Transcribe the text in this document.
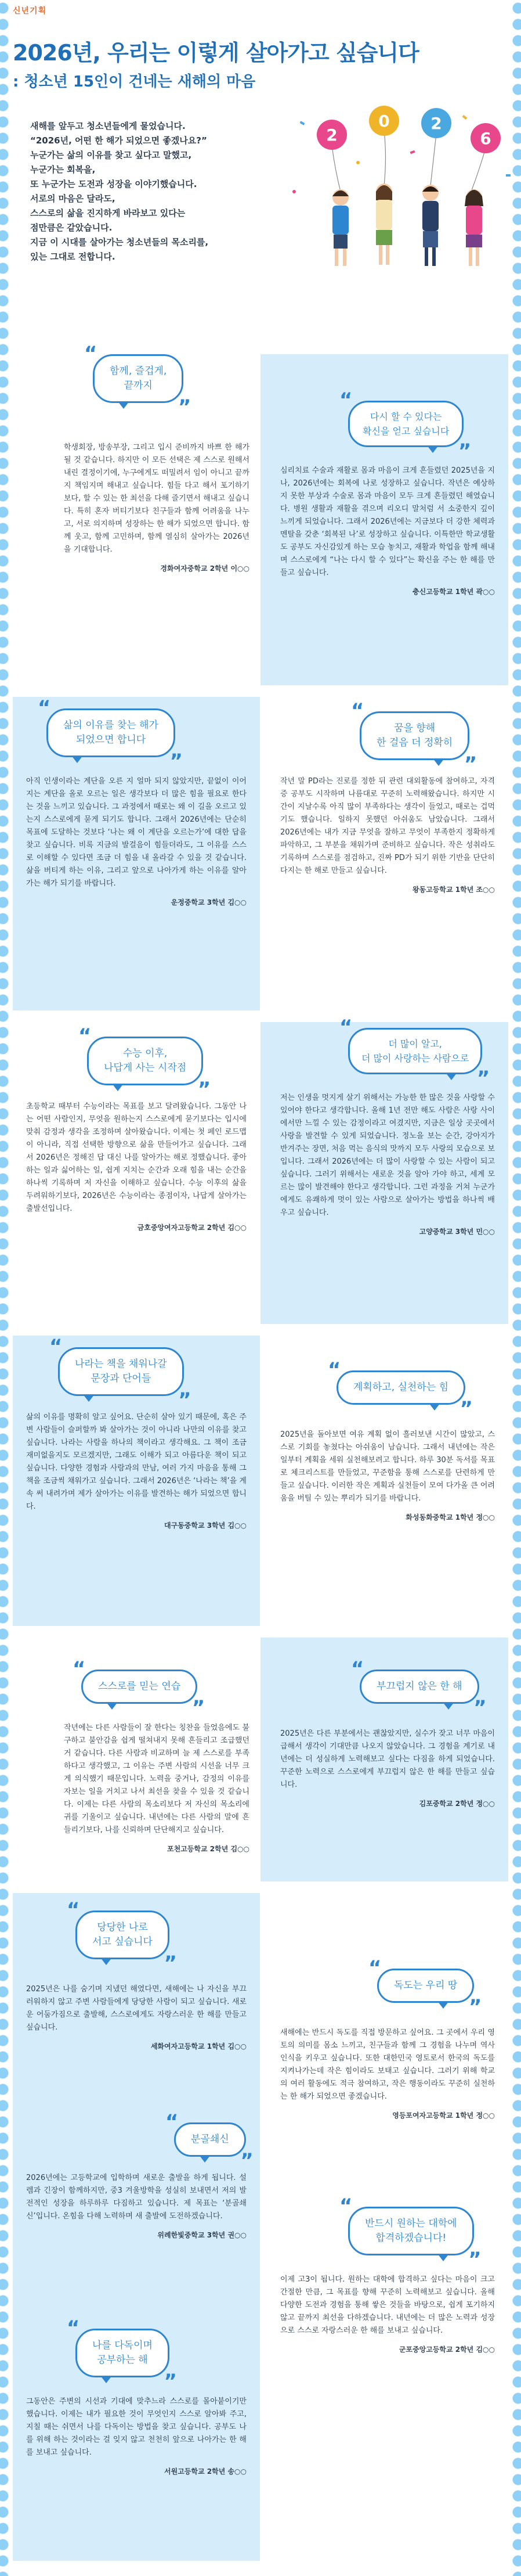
신년기획
2026년, 우리는 이렇게 살아가고 싶습니다
: 청소년 15인이 건네는 새해의 마음

새해를 앞두고 청소년들에게 물었습니다.

“2026년, 어떤 한 해가 되었으면 좋겠나요?”

누군가는 삶의 이유를 찾고 싶다고 말했고,

누군가는 회복을,

또 누군가는 도전과 성장을 이야기했습니다.

서로의 마음은 달라도,

스스로의 삶을 진지하게 바라보고 있다는

점만큼은 같았습니다.

지금 이 시대를 살아가는 청소년들의 목소리를,

있는 그대로 전합니다.

2
0	2
6
“
함께, 즐겁게,
끝까지
”

학생회장, 방송부장, 그리고 입시 준비까지 바쁘 한 해가 될 것 같습니다. 하지만 이 모든 선택은 제 스스로 원해서 내린 결정이기에, 누구에게도 떠밀려서 임이 아니고 끝까지 책임지며 해내고 싶습니다. 힘들 다고 해서 포기하기보다, 할 수 있는 한 최선을 다해 즐기면서 해내고 싶습니다. 특히 혼자 버티기보다 친구들과 함께 어려움을 나누고, 서로 의지하며 성장하는 한 해가 되었으면 합니다. 함께 웃고, 함께 고민하며, 함께 열심히 살아가는 2026년을 기대합니다.

경화여자중학교 2학년 이○○
“
다시 할 수 있다는
확신을 얻고 싶습니다
”

심리치료 수술과 재활로 몸과 마음이 크게 흔들렸던 2025년을 지나, 2026년에는 회복에 나로 성장하고 싶습니다. 작년은 예상하지 못한 부상과 수술로 몸과 마음이 모두 크게 흔들렸던 해였습니다. 병원 생활과 재활을 겪으며 리오디 말처럼 서 소중한지 깊이 느끼게 되었습니다. 그래서 2026년에는 지금보다 더 강한 체력과 멘탈을 갖춘 ‘회복된 나’로 성장하고 싶습니다. 이특한만 학교생활도 공부도 자신감있게 하는 모습 놓치고, 재활과 학업을 함께 해내며 스스로에게 “나는 다시 할 수 있다”는 확신을 주는 한 해를 만들고 싶습니다.

충신고등학교 1학년 곽○○
“
삶의 이유를 찾는 해가
되었으면 합니다
”

아직 인생이라는 계단을 오른 지 얼마 되지 않았지만, 끝없이 이어지는 계단을 올로 오르는 일은 생각보다 더 많은 힘을 필요로 한다는 것을 느끼고 있습니다. 그 과정에서 때로는 왜 이 길을 오르고 있는지 스스로에게 묻게 되기도 합니다. 그래서 2026년에는 단순히 목표에 도달하는 것보다 ‘나는 왜 이 계단을 오르는가’에 대한 답을 찾고 싶습니다. 비록 지금의 발걸음이 힘들더라도, 그 이유를 스스로 이해할 수 있다면 조금 더 힘을 내 올라갈 수 있을 것 같습니다. 삶을 버티게 하는 이유, 그리고 앞으로 나아가게 하는 이유를 알아가는 해가 되기를 바랍니다.

운정중학교 3학년 김○○
“
꿈을 향해
한 걸음 더 정확히
”

작년 말 PD라는 진로를 정한 뒤 관련 대외활동에 참여하고, 자격증 공부도 시작하며 나름대로 꾸준히 노력해왔습니다. 하지만 시간이 지날수록 아직 많이 부족하다는 생각이 들었고, 때로는 겁먹기도 했습니다. 일하지 못했던 아쉬움도 남았습니다. 그래서 2026년에는 내가 지금 무엇을 잘하고 무엇이 부족한지 정확하게 파악하고, 그 부분을 채워가며 준비하고 싶습니다. 작은 성취라도 기록하며 스스로를 점검하고, 진짜 PD가 되기 위한 기반을 단단히 다지는 한 해로 만들고 싶습니다.

왕동고등학교 1학년 조○○
“
수능 이후,
나답게 사는 시작점
”

초등학교 때부터 수능이라는 목표를 보고 달려왔습니다. 그동안 나는 어떤 사람인지, 무엇을 원하는지 스스로에게 묻기보다는 입시에 맞춰 감정과 생각을 조정하며 살아왔습니다. 이제는 첫 페인 로드맵이 아니라, 직접 선택한 방향으로 삶을 만들어가고 싶습니다. 그래서 2026년은 정해진 답 대신 나를 알아가는 해로 정했습니다. 좋아하는 일과 싫어하는 일, 쉽게 지치는 순간과 오래 힘을 내는 순간을 하나씩 기록하며 저 자신을 이해하고 싶습니다. 수능 이후의 삶을 두려워하기보다, 2026년은 수능이라는 종점이자, 나답게 살아가는 출발선입니다.

금호중앙여자고등학교 2학년 김○○
“
더 많이 알고,
더 많이 사랑하는 사람으로
”

저는 인생을 멋지게 살기 위해서는 가능한 한 많은 것을 사랑할 수 있어야 한다고 생각합니다. 올해 1년 전만 해도 사람은 사랑 사이에서만 느낄 수 있는 감정이라고 여겼지만, 지금은 일상 곳곳에서 사랑을 발견할 수 있게 되었습니다. 정노을 보는 순간, 강아지가 반겨주는 장면, 처음 먹는 음식의 맛까지 모두 사랑의 모습으로 보입니다. 그래서 2026년에는 더 많이 사랑할 수 있는 사람이 되고 싶습니다. 그러기 위해서는 새로운 것을 알아 가야 하고, 세계 모르는 많이 발견해야 한다고 생각합니다. 그런 과정을 거쳐 누군가에게도 유쾌하게 멋이 있는 사람으로 살아가는 방법을 하나씩 배우고 싶습니다.

고양중학교 3학년 민○○
“
나라는 책을 채워나갈
문장과 단어들
”

삶의 이유를 명확히 알고 싶어요. 단순히 살아 있기 때문에, 혹은 주변 사람들이 슬퍼할까 봐 살아가는 것이 아니라 나만의 이유를 찾고 싶습니다. 나라는 사람을 하나의 책이라고 생각해요. 그 책이 조금 재미없을지도 모르겠지만, 그래도 이해가 되고 아름다운 책이 되고 싶습니다. 다양한 경험과 사람과의 만남, 여러 가지 마음을 통해 그 책을 조금씩 채워가고 싶습니다. 그래서 2026년은 ‘나라는 책’을 계속 써 내려가며 제가 살아가는 이유를 발견하는 해가 되었으면 합니다.

대구동중학교 3학년 김○○
“
계획하고, 실천하는 힘
”

2025년을 돌아보면 여유 계획 없이 흘러보낸 시간이 많았고, 스스로 기회를 놓쳤다는 아쉬움이 남습니다. 그래서 내년에는 작은 일부터 계획을 세워 실천해보려고 합니다. 하루 30분 독서를 목표로 체크리스트를 만들었고, 꾸준함을 통해 스스로를 단련하게 만들고 싶습니다. 이러한 작은 계획과 실천들이 모여 다가올 큰 어려움을 버틸 수 있는 뿌리가 되기를 바랍니다.

화성동화중학교 1학년 정○○
“
스스로를 믿는 연습
”

작년에는 다른 사람들이 잘 한다는 칭찬을 들었음에도 불구하고 불안감을 쉽게 떨쳐내지 못해 흔들리고 조급했던 거 같습니다. 다른 사람과 비교하며 늘 제 스스로를 부족하다고 생각했고, 그 이유는 주변 사람의 시선을 너무 크게 의식했기 때문입니다. 노력을 중거나, 감정의 이유를 자보는 일을 거치고 나서 최선을 찾을 수 있을 것 같습니다. 이제는 다른 사람의 목소리보다 저 자신의 목소리에 귀를 기울이고 싶습니다. 내년에는 다른 사람의 말에 흔들리기보다, 나를 신뢰하며 단단해지고 싶습니다.

포천고등학교 2학년 김○○
“
부끄럽지 않은 한 해
”

2025년은 다른 부분에서는 괜찮았지만, 실수가 잦고 너무 마음이 급해서 생각이 기대만큼 나오지 않았습니다. 그 경험을 계기로 내년에는 더 성실하게 노력해보고 싶다는 다짐을 하게 되었습니다. 꾸준한 노력으로 스스로에게 부끄럽지 않은 한 해를 만들고 싶습니다.

김포중학교 2학년 정○○
“
당당한 나로
서고 싶습니다
”

2025년은 나를 숨기며 지냈던 해였다면, 새해에는 나 자신을 부끄러워하지 않고 주변 사람들에게 당당한 사람이 되고 싶습니다. 새로운 어둠가짐으로 출발해, 스스로에게도 자랑스러운 한 해를 만들고 싶습니다.

세화여자고등학교 1학년 김○○
“
독도는 우리 땅
”

새해에는 반드시 독도를 직접 방문하고 싶어요. 그 곳에서 우리 영토의 의미를 몸소 느끼고, 친구들과 함께 그 경험을 나누며 역사 인식을 키우고 싶습니다. 또한 대한민국 영토로서 한국의 독도를 지켜나가는데 작은 힘이라도 보태고 싶습니다. 그러기 위해 학교의 여러 활동에도 적극 참여하고, 작은 행동이라도 꾸준히 실천하는 한 해가 되었으면 좋겠습니다.

영등포여자고등학교 1학년 정○○
“
분골쇄신
”

2026년에는 고등학교에 입학하며 새로운 출발을 하게 됩니다. 설렘과 긴장이 함께하지만, 중3 겨울방학을 성실히 보내면서 저의 발전적인 성장을 하루하루 다짐하고 있습니다. 제 목표는 ‘분골쇄신’입니다. 온힘을 다해 노력하며 새 출발에 도전하겠습니다.

위례한빛중학교 3학년 권○○
“
반드시 원하는 대학에
합격하겠습니다!
”

이제 고3이 됩니다. 원하는 대학에 합격하고 싶다는 마음이 크고 간절한 만큼, 그 목표를 향해 꾸준히 노력해보고 싶습니다. 올해 다양한 도전과 경험을 통해 쌓은 것들을 바탕으로, 쉽게 포기하지 않고 끝까지 최선을 다하겠습니다. 내년에는 더 많은 노력과 성장으로 스스로 자랑스러운 한 해를 보내고 싶습니다.

군포중앙고등학교 2학년 김○○
“
나를 다독이며
공부하는 해
”

그동안은 주변의 시선과 기대에 맞추느라 스스로를 몰아붙이기만 했습니다. 이제는 내가 필요한 것이 무엇인지 스스로 알아봐 주고, 지칠 때는 쉬면서 나를 다독이는 방법을 찾고 싶습니다. 공부도 나를 위해 하는 것이라는 걸 잊지 않고 천천히 앞으로 나아가는 한 해를 보내고 싶습니다.

서원고등학교 2학년 송○○
